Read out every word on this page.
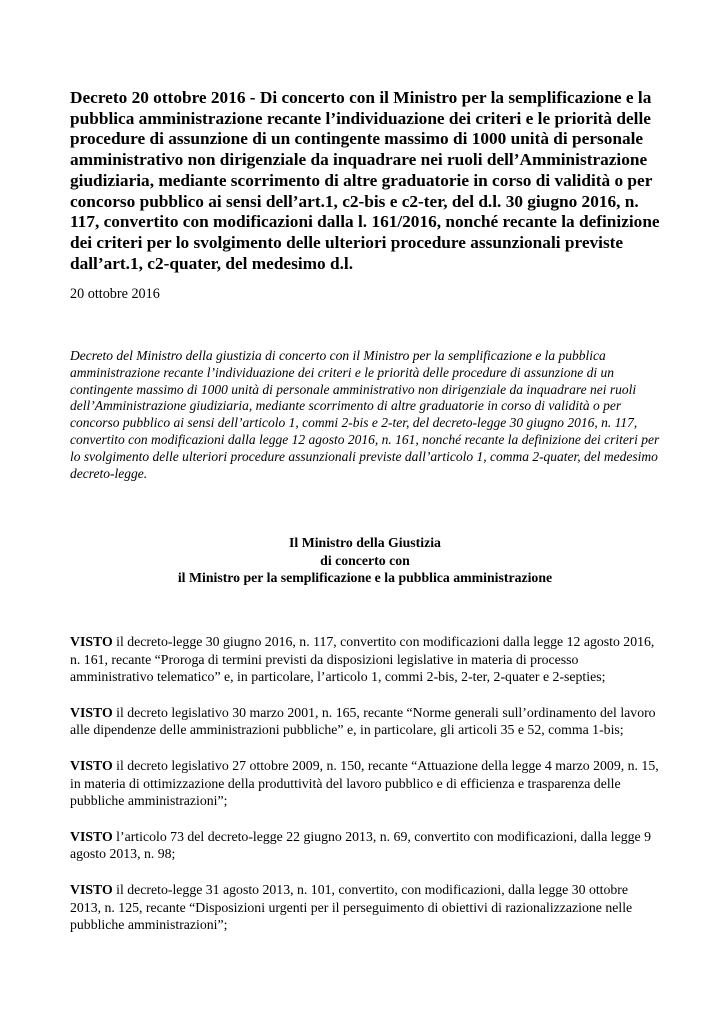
Decreto 20 ottobre 2016 - Di concerto con il Ministro per la semplificazione e la pubblica amministrazione recante l’individuazione dei criteri e le priorità delle procedure di assunzione di un contingente massimo di 1000 unità di personale amministrativo non dirigenziale da inquadrare nei ruoli dell’Amministrazione giudiziaria, mediante scorrimento di altre graduatorie in corso di validità o per concorso pubblico ai sensi dell’art.1, c2-bis e c2-ter, del d.l. 30 giugno 2016, n. 117, convertito con modificazioni dalla l. 161/2016, nonché recante la definizione dei criteri per lo svolgimento delle ulteriori procedure assunzionali previste dall’art.1, c2-quater, del medesimo d.l.
20 ottobre 2016
Decreto del Ministro della giustizia di concerto con il Ministro per la semplificazione e la pubblica amministrazione recante l’individuazione dei criteri e le priorità delle procedure di assunzione di un contingente massimo di 1000 unità di personale amministrativo non dirigenziale da inquadrare nei ruoli dell’Amministrazione giudiziaria, mediante scorrimento di altre graduatorie in corso di validità o per concorso pubblico ai sensi dell’articolo 1, commi 2-bis e 2-ter, del decreto-legge 30 giugno 2016, n. 117, convertito con modificazioni dalla legge 12 agosto 2016, n. 161, nonché recante la definizione dei criteri per lo svolgimento delle ulteriori procedure assunzionali previste dall’articolo 1, comma 2-quater, del medesimo decreto-legge.
Il Ministro della Giustizia
di concerto con
il Ministro per la semplificazione e la pubblica amministrazione

VISTO il decreto-legge 30 giugno 2016, n. 117, convertito con modificazioni dalla legge 12 agosto 2016, n. 161, recante “Proroga di termini previsti da disposizioni legislative in materia di processo amministrativo telematico” e, in particolare, l’articolo 1, commi 2-bis, 2-ter, 2-quater e 2-septies;

VISTO il decreto legislativo 30 marzo 2001, n. 165, recante “Norme generali sull’ordinamento del lavoro alle dipendenze delle amministrazioni pubbliche” e, in particolare, gli articoli 35 e 52, comma 1-bis;

VISTO il decreto legislativo 27 ottobre 2009, n. 150, recante “Attuazione della legge 4 marzo 2009, n. 15, in materia di ottimizzazione della produttività del lavoro pubblico e di efficienza e trasparenza delle pubbliche amministrazioni”;

VISTO l’articolo 73 del decreto-legge 22 giugno 2013, n. 69, convertito con modificazioni, dalla legge 9 agosto 2013, n. 98;

VISTO il decreto-legge 31 agosto 2013, n. 101, convertito, con modificazioni, dalla legge 30 ottobre 2013, n. 125, recante “Disposizioni urgenti per il perseguimento di obiettivi di razionalizzazione nelle pubbliche amministrazioni”;
